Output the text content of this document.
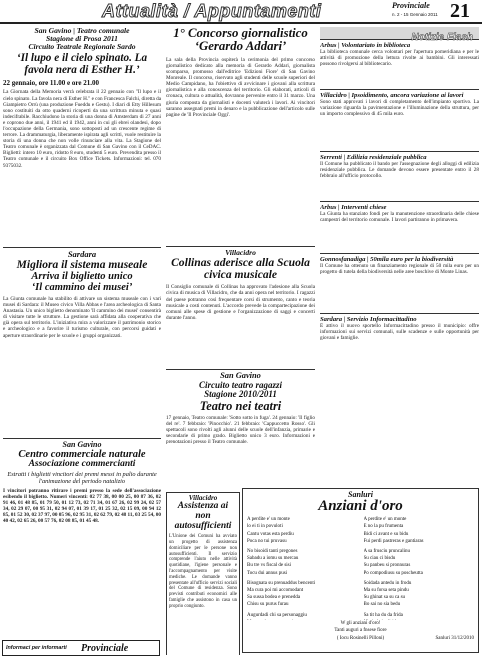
Attualità / Appuntamenti	Provinciale
n. 2 - 15 Gennaio 2011 21
San Gavino | Teatro comunale
Stagione di Prosa 2011
Circuito Teatrale Regionale Sardo
‘Il lupo e il cielo spinato. La favola nera di Esther H.’
22 gennaio, ore 11.00 e ore 21.00
La Giornata della Memoria verrà celebrata il 22 gennaio con "Il lupo e il cielo spinato. La favola nera di Esther H." e con Francesca Falchi, diretta da Giampietro Orrù (una produzione Fueddu e Gestu). I diari di Etty Hillesum sono costituiti da otto quaderni ricoperti da una scrittura minuta e quasi indecifrabile. Racchiudono la storia di una donna di Amsterdam di 27 anni e coprono due anni, il 1941 ed il 1942, anni in cui gli ebrei olandesi, dopo l'occupazione della Germania, sono sottoposti ad un crescente regime di terrore. La drammaturgia, liberamente ispirata agli scritti, vuole restituire la storia di una donna che non volle rinunciare alla vita. La Stagione del Teatro comunale è organizzata dal Comune di San Gavino con il CeDAC. Biglietti: intero 10 euro, ridotto 8 euro, studenti 5 euro. Prevendita presso il Teatro comunale e il circuito Box Office Tickets. Informazioni: tel. 070 9375032.
Sardara
Migliora il sistema museale
Arriva il biglietto unico
‘Il cammino dei musei’
La Giunta comunale ha stabilito di attivare un sistema museale con i vari musei di Sardara: il Museo civico Villa Abbas e l'area archeologica di Santa Anastasia. Un unico biglietto denominato 'Il cammino dei musei' consentirà di visitare tutte le strutture. La gestione sarà affidata alla cooperativa che già opera sul territorio. L'iniziativa mira a valorizzare il patrimonio storico e archeologico e a favorire il turismo culturale, con percorsi guidati e aperture straordinarie per le scuole e i gruppi organizzati.
San Gavino
Centro commerciale naturale
Associazione commercianti
Estratti i biglietti vincitori dei premi messi in palio durante l'animazione del periodo natalizio
I vincitori potranno ritirare i premi presso la sede dell'associazione esibendo il biglietto. Numeri vincenti: 02 77 38, 00 00 25, 00 87 36, 02 91 46, 01 48 85, 01 79 50, 01 12 73, 02 71 34, 01 67 26, 02 99 24, 02 57 34, 02 29 07, 00 95 31, 02 94 07, 01 39 17, 01 25 32, 02 15 09, 00 94 12 85, 01 52 30, 02 37 97, 00 05 96, 02 95 31, 02 62 79, 02 48 11, 03 25 54, 00 40 42, 02 65 26, 00 57 76, 02 08 85, 01 45 48.
Informaci per informarti	Provinciale
1° Concorso giornalistico ‘Gerardo Addari’
La sala della Provincia ospiterà la cerimonia del primo concorso giornalistico dedicato alla memoria di Gerardo Addari, giornalista scomparso, promosso dall'editrice 'Edizioni Fiore' di San Gavino Monreale. Il concorso, riservato agli studenti delle scuole superiori del Medio Campidano, ha l'obiettivo di avvicinare i giovani alla scrittura giornalistica e alla conoscenza del territorio. Gli elaborati, articoli di cronaca, cultura o attualità, dovranno pervenire entro il 31 marzo. Una giuria composta da giornalisti e docenti valuterà i lavori. Ai vincitori saranno assegnati premi in denaro e la pubblicazione dell'articolo sulle pagine de 'Il Provinciale Oggi'.
Villacidro
Collinas aderisce alla Scuola civica musicale
Il Consiglio comunale di Collinas ha approvato l'adesione alla Scuola civica di musica di Villacidro, che da anni opera nel territorio. I ragazzi del paese potranno così frequentare corsi di strumento, canto e teoria musicale a costi contenuti. L'accordo prevede la compartecipazione dei comuni alle spese di gestione e l'organizzazione di saggi e concerti durante l'anno.
San Gavino
Circuito teatro ragazzi
Stagione 2010/2011
Teatro nei teatri
17 gennaio, Teatro comunale: 'Sotto sotto in fuga'. 24 gennaio: 'Il figlio del re'. 7 febbraio: 'Pinocchio'. 21 febbraio: 'Cappuccetto Rosso'. Gli spettacoli sono rivolti agli alunni delle scuole dell'infanzia, primarie e secondarie di primo grado. Biglietto unico 3 euro. Informazioni e prenotazioni presso il Teatro comunale.
Villacidro
Assistenza ai non autosufficienti
L'Unione dei Comuni ha avviato un progetto di assistenza domiciliare per le persone non autosufficienti. Il servizio comprende l'aiuto nelle attività quotidiane, l'igiene personale e l'accompagnamento per visite mediche. Le domande vanno presentate all'ufficio servizi sociali del Comune di residenza. Sono previsti contributi economici alle famiglie che assistono in casa un proprio congiunto.
Notizie Flash
Arbus | Volontariato in biblioteca
La biblioteca comunale cerca volontari per l'apertura pomeridiana e per le attività di promozione della lettura rivolte ai bambini. Gli interessati possono rivolgersi al bibliotecario.
Villacidro | Ipsoidimento, ancora variazione ai lavori
Sono stati approvati i lavori di completamento dell'impianto sportivo. La variazione riguarda la pavimentazione e l'illuminazione della struttura, per un importo complessivo di 45 mila euro.
Serrenti | Edilizia residenziale pubblica
Il Comune ha pubblicato il bando per l'assegnazione degli alloggi di edilizia residenziale pubblica. Le domande devono essere presentate entro il 28 febbraio all'ufficio protocollo.
Arbus | Interventi chiese
La Giunta ha stanziato fondi per la manutenzione straordinaria delle chiese campestri del territorio comunale. I lavori partiranno in primavera.
Gonnosfanadiga | 50mila euro per la biodiversità
Il Comune ha ottenuto un finanziamento regionale di 50 mila euro per un progetto di tutela della biodiversità nelle aree boschive di Monte Linas.
Sardara | Servizio Informacittadino
È attivo il nuovo sportello Informacittadino presso il municipio: offre informazioni sui servizi comunali, sulle scadenze e sulle opportunità per giovani e famiglie.
Sanluri
Anziani d'oro
A perdite e' un monte
lo ei ti in povuloti
Cantu votas esta perdiu
Poca no tui pruvasu

No bisoidi tanti pregones
Sabadu a iomu su mercau
Bu tre vs fiscal de sisi
Tocu dui annus pusi

Bisognata su prenuaddus bencenti
Ma cura poi mi accomodant
Sa sussa bodea e prenedda
Chisu su purus furau

Augurdadi chi sa personaggiu

A perdite e' un monte
E no la pu frumenta
Bidi ci avant e su bidu
Fui perdi pastreras e gantiaras

A sa frusciu pruncalinu
Su ciau ci bisdu
Su panbeu si pronnuras
Po compodiusu su poscheutta

Soidada antedu in frodu
Ma su forsa seta pindu
Su ghinat sa su ca su
Bo sai no sia bedu

Sa tit ha du da frida

W gli anziani d'oro!
Tanti auguri a fnsese fiore
( Iocu Rosinelli Pilloni)	Sanluri 31/12/2010
